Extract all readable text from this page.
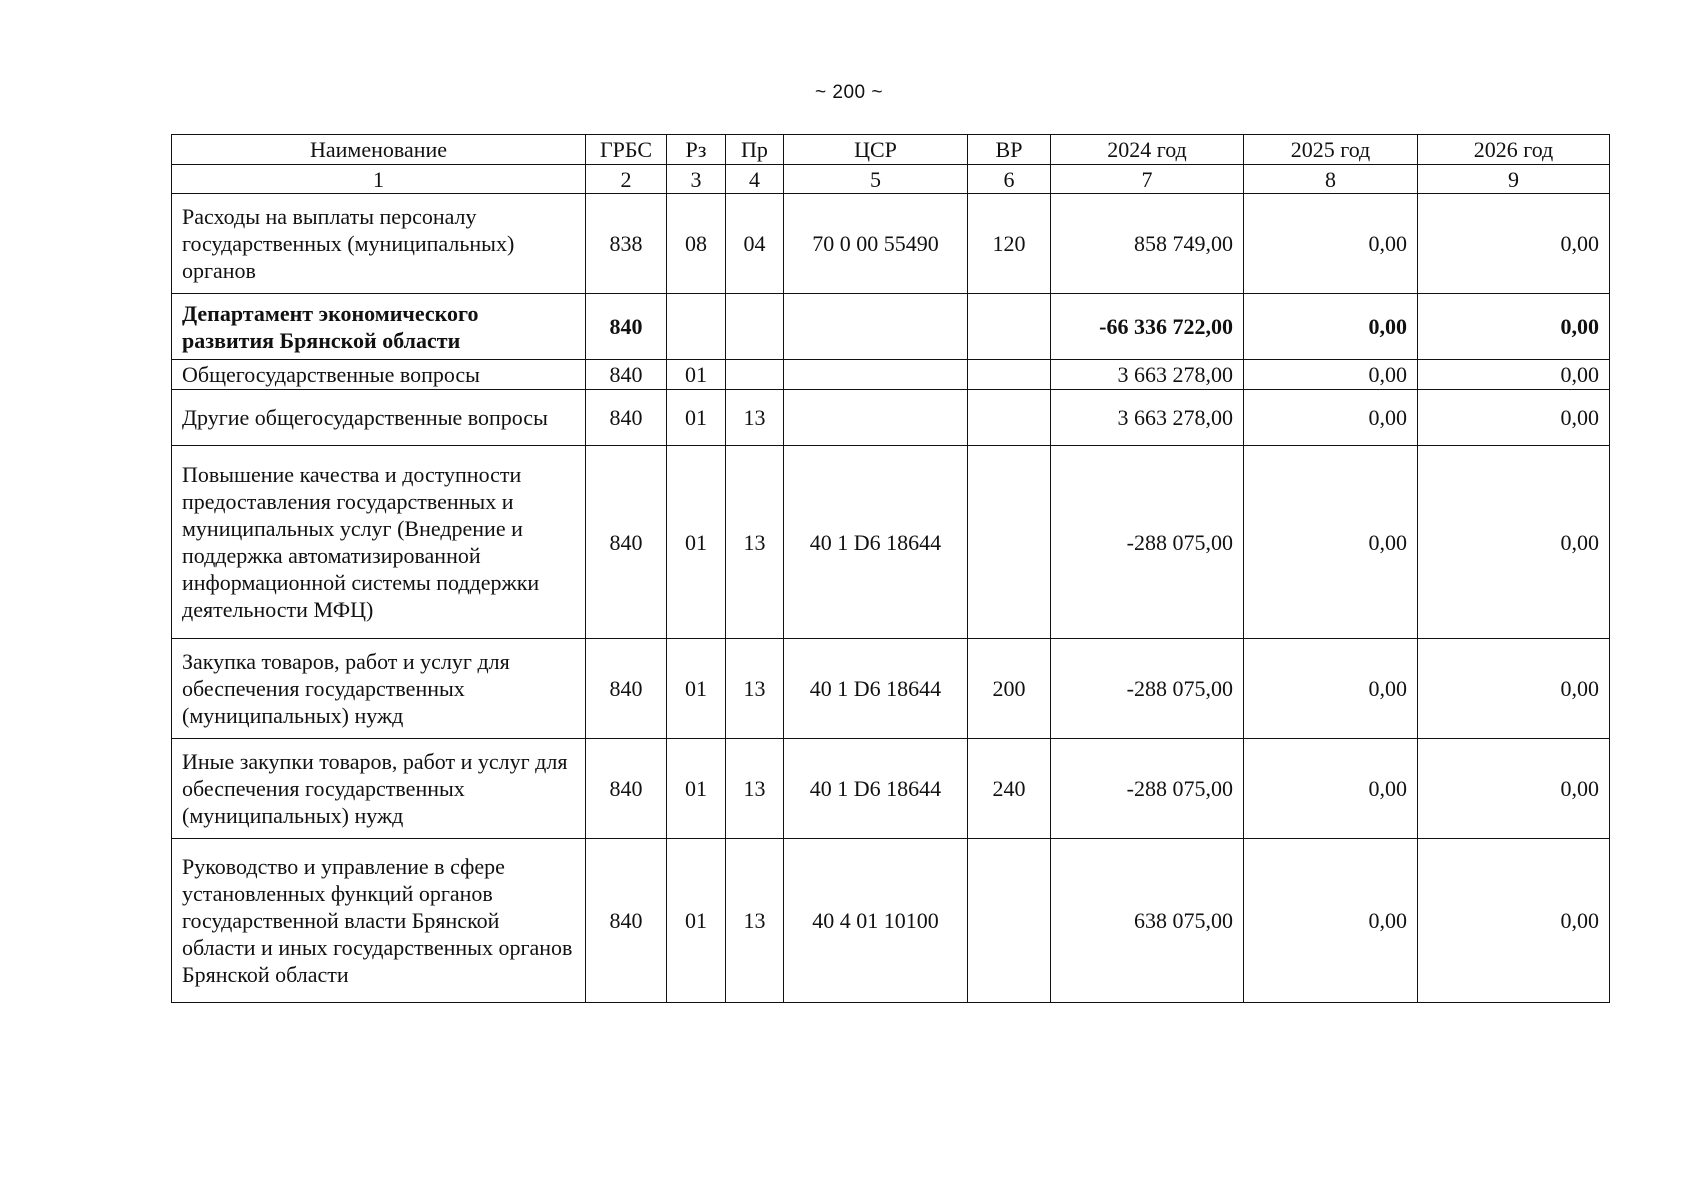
~ 200 ~
Наименование	ГРБС	Рз	Пр	ЦСР	ВР	2024 год	2025 год	2026 год
1	2	3	4	5	6	7	8	9
Расходы на выплаты персоналу государственных (муниципальных) органов	838	08	04	70 0 00 55490	120	858 749,00	0,00	0,00
Департамент экономического развития Брянской области	840					-66 336 722,00	0,00	0,00
Общегосударственные вопросы	840	01				3 663 278,00	0,00	0,00
Другие общегосударственные вопросы	840	01	13			3 663 278,00	0,00	0,00
Повышение качества и доступности предоставления государственных и муниципальных услуг (Внедрение и поддержка автоматизированной информационной системы поддержки деятельности МФЦ)	840	01	13	40 1 D6 18644		-288 075,00	0,00	0,00
Закупка товаров, работ и услуг для обеспечения государственных (муниципальных) нужд	840	01	13	40 1 D6 18644	200	-288 075,00	0,00	0,00
Иные закупки товаров, работ и услуг для обеспечения государственных (муниципальных) нужд	840	01	13	40 1 D6 18644	240	-288 075,00	0,00	0,00
Руководство и управление в сфере установленных функций органов государственной власти Брянской области и иных государственных органов Брянской области	840	01	13	40 4 01 10100		638 075,00	0,00	0,00
